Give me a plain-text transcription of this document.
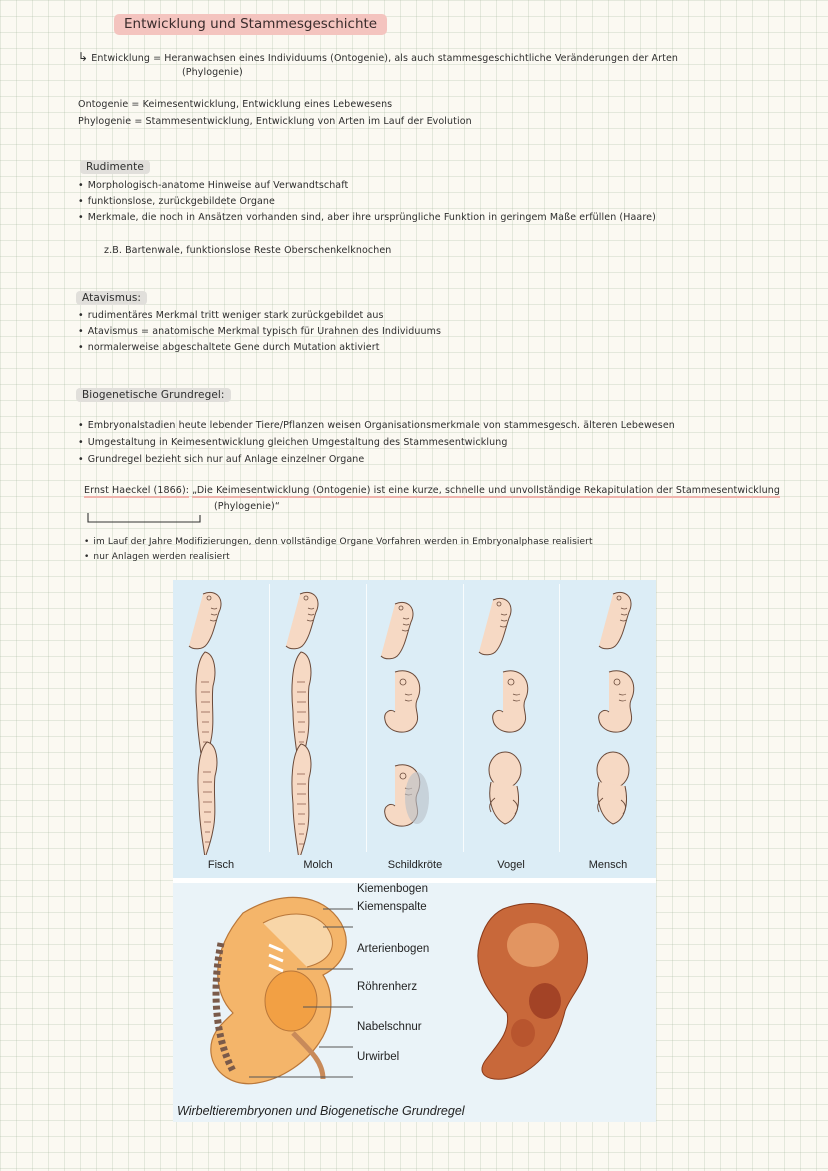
Entwicklung und Stammesgeschichte
↳ Entwicklung = Heranwachsen eines Individuums (Ontogenie), als auch stammesgeschichtliche Veränderungen der Arten
(Phylogenie)
Ontogenie = Keimesentwicklung, Entwicklung eines Lebewesens
Phylogenie = Stammesentwicklung, Entwicklung von Arten im Lauf der Evolution
Rudimente
• Morphologisch-anatome Hinweise auf Verwandtschaft
• funktionslose, zurückgebildete Organe
• Merkmale, die noch in Ansätzen vorhanden sind, aber ihre ursprüngliche Funktion in geringem Maße erfüllen (Haare)
z.B. Bartenwale, funktionslose Reste Oberschenkelknochen
Atavismus:
• rudimentäres Merkmal tritt weniger stark zurückgebildet aus
• Atavismus = anatomische Merkmal typisch für Urahnen des Individuums
• normalerweise abgeschaltete Gene durch Mutation aktiviert
Biogenetische Grundregel:
• Embryonalstadien heute lebender Tiere/Pflanzen weisen Organisationsmerkmale von stammesgesch. älteren Lebewesen
• Umgestaltung in Keimesentwicklung gleichen Umgestaltung des Stammesentwicklung
• Grundregel bezieht sich nur auf Anlage einzelner Organe
Ernst Haeckel (1866): „Die Keimesentwicklung (Ontogenie) ist eine kurze, schnelle und unvollständige Rekapitulation der Stammesentwicklung
(Phylogenie)“
• im Lauf der Jahre Modifizierungen, denn vollständige Organe Vorfahren werden in Embryonalphase realisiert
• nur Anlagen werden realisiert
Fisch	Molch	Schildkröte	Vogel	Mensch
Kiemenbogen
Kiemenspalte
Arterienbogen
Röhrenherz
Nabelschnur
Urwirbel
Wirbeltierembryonen und Biogenetische Grundregel
